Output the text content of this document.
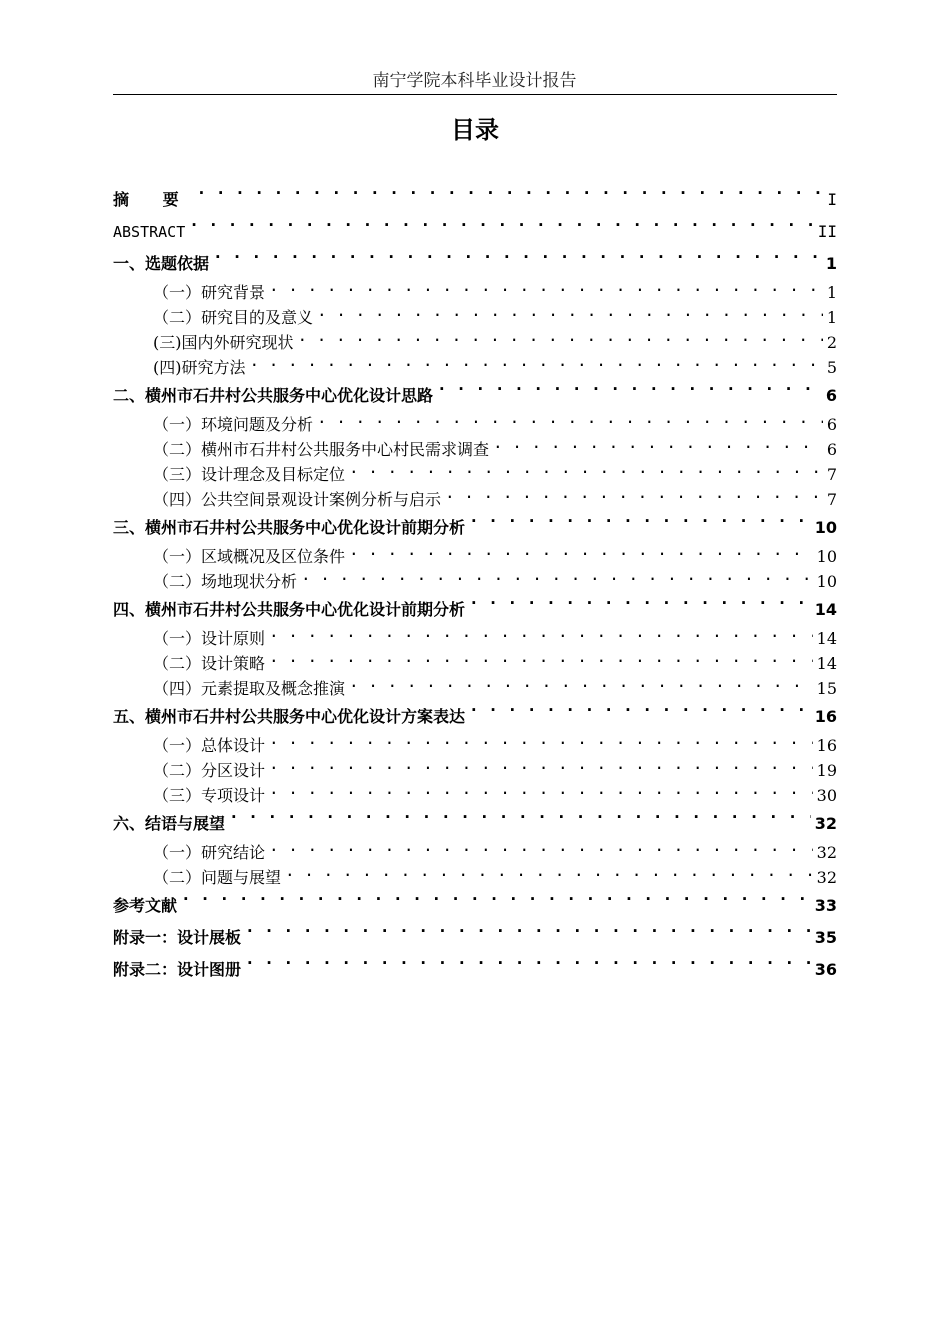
南宁学院本科毕业设计报告
目录
摘 要 . . .	I
ABSTRACT . . .	II
一、选题依据 . . .	1
（一）研究背景 . . .	1
（二）研究目的及意义 . . .	1
(三)国内外研究现状 . . .	2
(四)研究方法 . . .	5
二、横州市石井村公共服务中心优化设计思路 . . .	6
（一）环境问题及分析 . . .	6
（二）横州市石井村公共服务中心村民需求调查 . . .	6
（三）设计理念及目标定位 . . .	7
（四）公共空间景观设计案例分析与启示 . . .	7
三、横州市石井村公共服务中心优化设计前期分析 . . .	10
（一）区域概况及区位条件 . . .	10
（二）场地现状分析 . . .	10
四、横州市石井村公共服务中心优化设计前期分析 . . .	14
（一）设计原则 . . .	14
（二）设计策略 . . .	14
（四）元素提取及概念推演 . . .	15
五、横州市石井村公共服务中心优化设计方案表达 . . .	16
（一）总体设计 . . .	16
（二）分区设计 . . .	19
（三）专项设计 . . .	30
六、结语与展望 . . .	32
（一）研究结论 . . .	32
（二）问题与展望 . . .	32
参考文献 . . .	33
附录一：设计展板 . . .	35
附录二：设计图册 . . .	36
